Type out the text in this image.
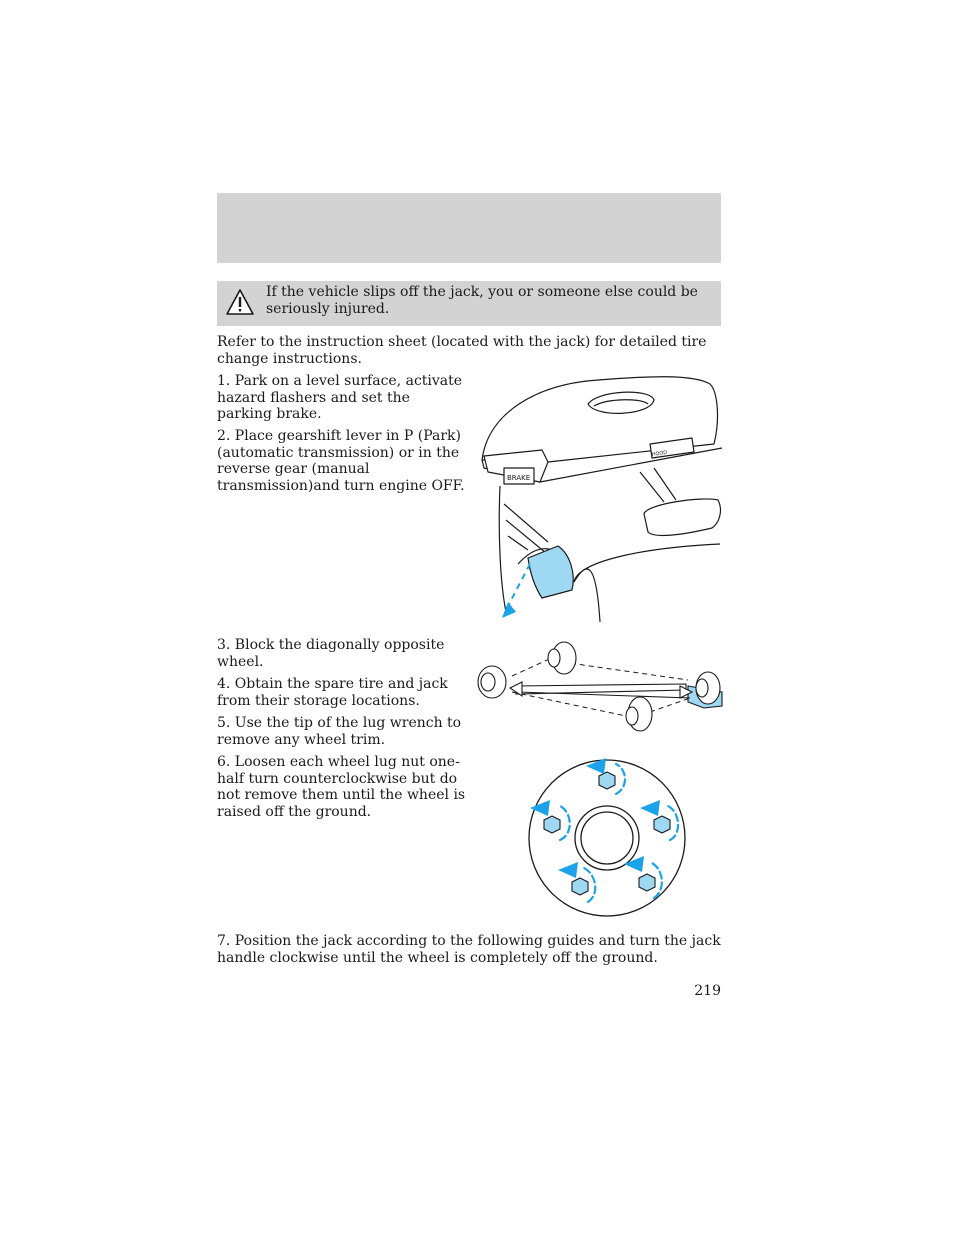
If the vehicle slips off the jack, you or someone else could be seriously injured.

Refer to the instruction sheet (located with the jack) for detailed tire change instructions.

1. Park on a level surface, activate hazard flashers and set the parking brake.

2. Place gearshift lever in P (Park) (automatic transmission) or in the reverse gear (manual transmission)and turn engine OFF.	BRAKE
HOOD

3. Block the diagonally opposite wheel.

4. Obtain the spare tire and jack from their storage locations.

5. Use the tip of the lug wrench to remove any wheel trim.

6. Loosen each wheel lug nut one-half turn counterclockwise but do not remove them until the wheel is raised off the ground.

7. Position the jack according to the following guides and turn the jack handle clockwise until the wheel is completely off the ground.

219
